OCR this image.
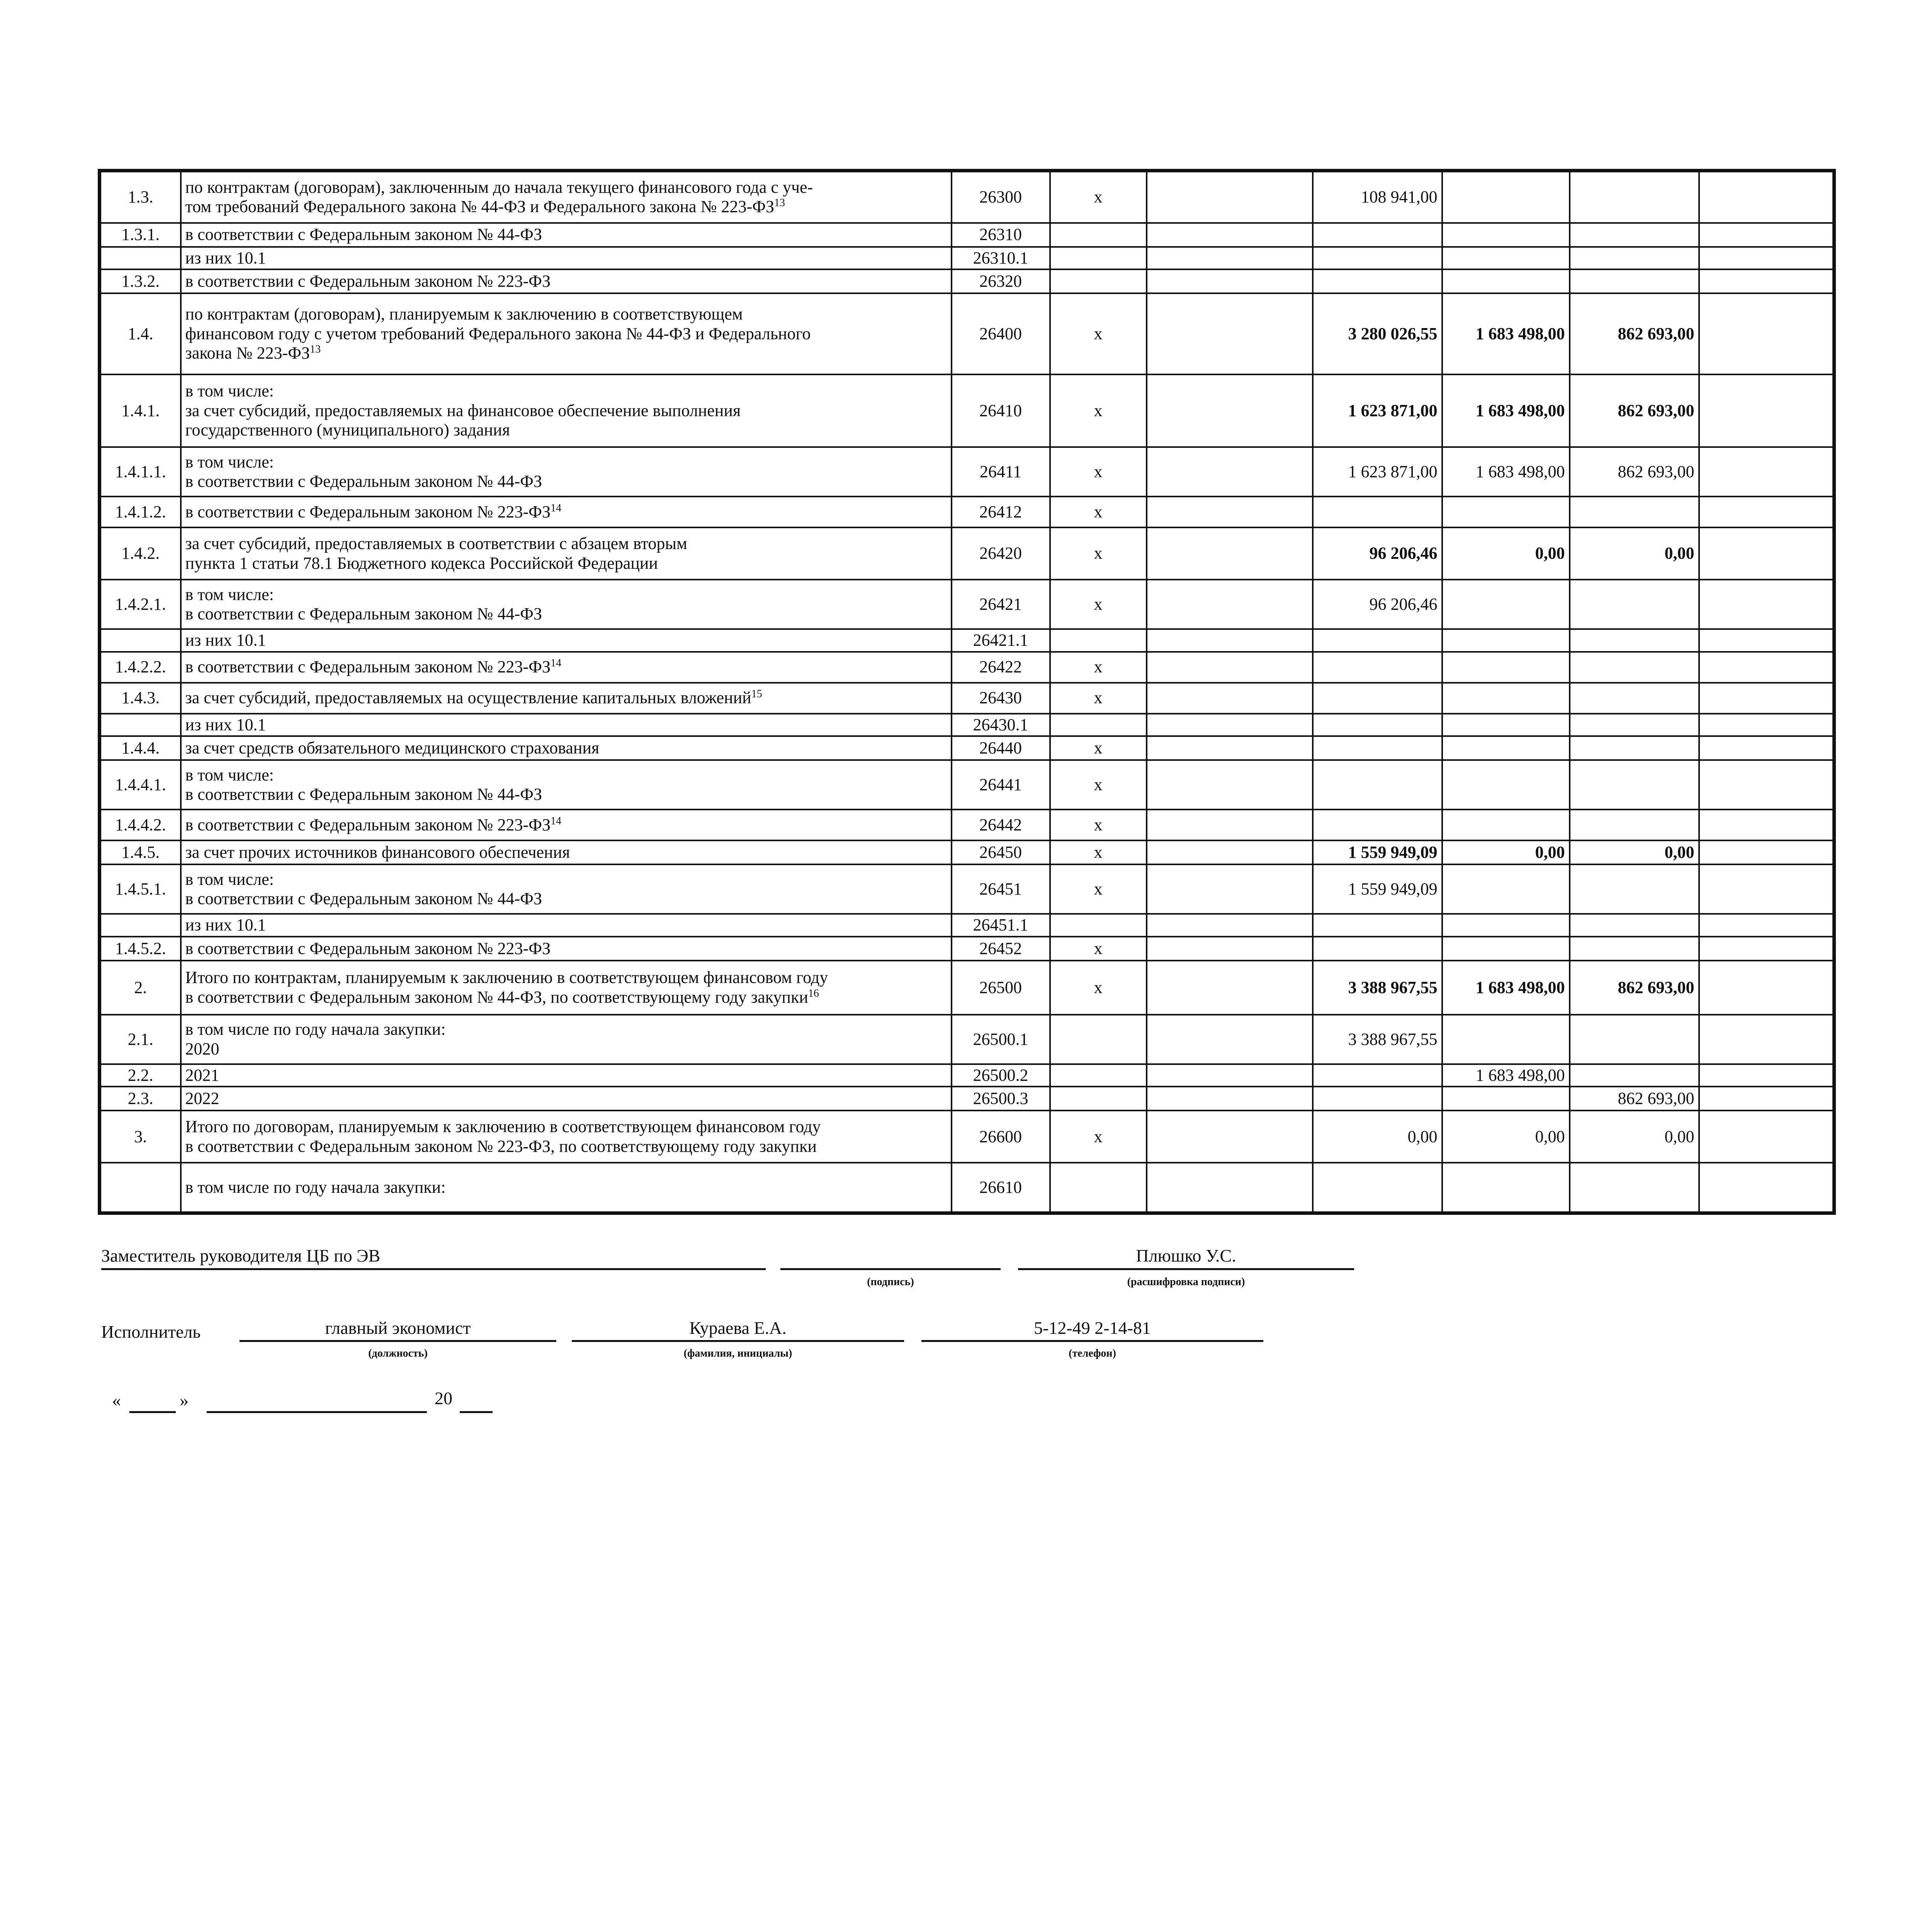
1.3.	по контрактам (договорам), заключенным до начала текущего финансового года с уче-
том требований Федерального закона № 44-ФЗ и Федерального закона № 223-ФЗ$^{13}$	26300	x		108 941,00			
1.3.1.	в соответствии с Федеральным законом № 44-ФЗ	26310						

	из них 10.1	26310.1						
1.3.2.	в соответствии с Федеральным законом № 223-ФЗ	26320						
1.4.	по контрактам (договорам), планируемым к заключению в соответствующем
финансовом году с учетом требований Федерального закона № 44-ФЗ и Федерального
закона № 223-ФЗ$^{13}$	26400	x		3 280 026,55	1 683 498,00	862 693,00	
1.4.1.	в том числе:
за счет субсидий, предоставляемых на финансовое обеспечение выполнения
государственного (муниципального) задания	26410	x		1 623 871,00	1 683 498,00	862 693,00	
1.4.1.1.	в том числе:
в соответствии с Федеральным законом № 44-ФЗ	26411	x		1 623 871,00	1 683 498,00	862 693,00	
1.4.1.2.	в соответствии с Федеральным законом № 223-ФЗ$^{14}$	26412	x					
1.4.2.	за счет субсидий, предоставляемых в соответствии с абзацем вторым
пункта 1 статьи 78.1 Бюджетного кодекса Российской Федерации	26420	x		96 206,46	0,00	0,00	
1.4.2.1.	в том числе:
в соответствии с Федеральным законом № 44-ФЗ	26421	x		96 206,46			

	из них 10.1	26421.1						
1.4.2.2.	в соответствии с Федеральным законом № 223-ФЗ$^{14}$	26422	x					
1.4.3.	за счет субсидий, предоставляемых на осуществление капитальных вложений$^{15}$	26430	x					

	из них 10.1	26430.1						
1.4.4.	за счет средств обязательного медицинского страхования	26440	x					
1.4.4.1.	в том числе:
в соответствии с Федеральным законом № 44-ФЗ	26441	x					
1.4.4.2.	в соответствии с Федеральным законом № 223-ФЗ$^{14}$	26442	x					
1.4.5.	за счет прочих источников финансового обеспечения	26450	x		1 559 949,09	0,00	0,00	
1.4.5.1.	в том числе:
в соответствии с Федеральным законом № 44-ФЗ	26451	x		1 559 949,09			

	из них 10.1	26451.1						
1.4.5.2.	в соответствии с Федеральным законом № 223-ФЗ	26452	x					
2.	Итого по контрактам, планируемым к заключению в соответствующем финансовом году
в соответствии с Федеральным законом № 44-ФЗ, по соответствующему году закупки$^{16}$	26500	x		3 388 967,55	1 683 498,00	862 693,00	
2.1.	в том числе по году начала закупки:
2020	26500.1			3 388 967,55			
2.2.	2021	26500.2				1 683 498,00		
2.3.	2022	26500.3					862 693,00	
3.	Итого по договорам, планируемым к заключению в соответствующем финансовом году
в соответствии с Федеральным законом № 223-ФЗ, по соответствующему году закупки	26600	x		0,00	0,00	0,00	

	в том числе по году начала закупки:	26610						
Заместитель руководителя ЦБ по ЭВ
(подпись)
Плюшко У.С.
(расшифровка подписи)
Исполнитель	главный экономист
(должность)
Кураева Е.А.
(фамилия, инициалы)
5-12-49 2-14-81
(телефон)
«	»	20
